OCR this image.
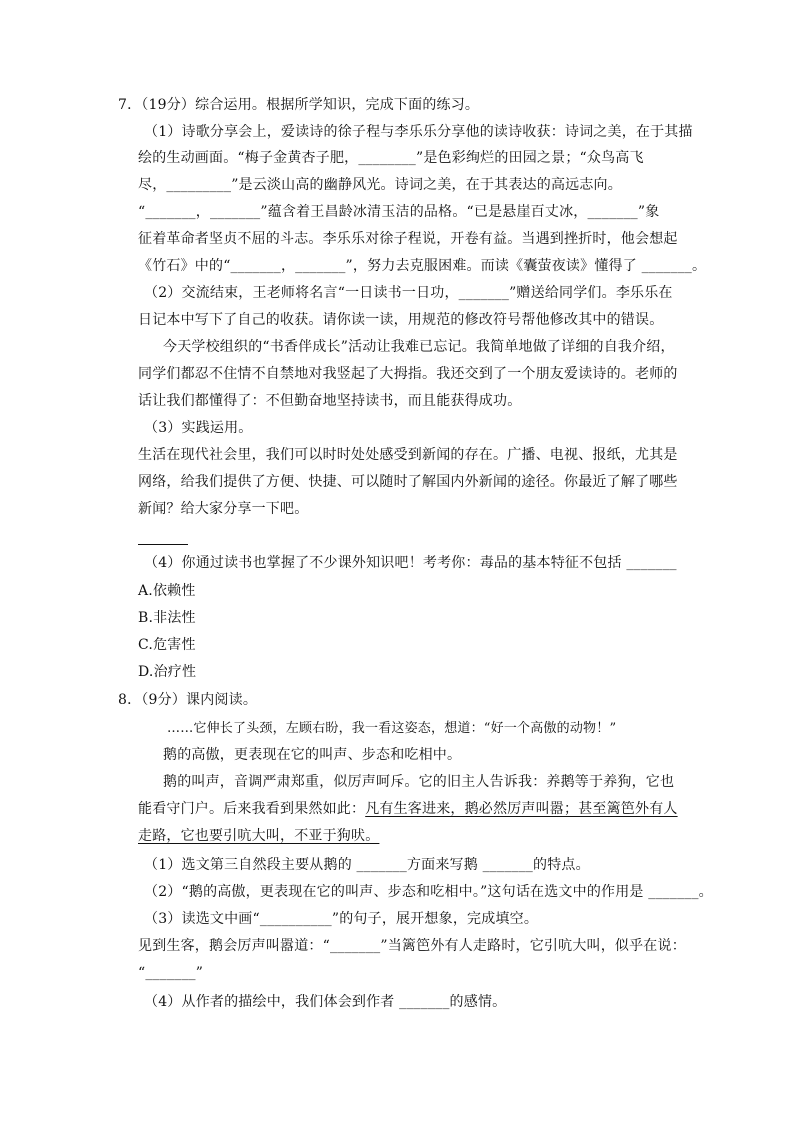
7．（19分）综合运用。根据所学知识，完成下面的练习。
（1）诗歌分享会上，爱读诗的徐子程与李乐乐分享他的读诗收获：诗词之美，在于其描
绘的生动画面。“梅子金黄杏子肥，________”是色彩绚烂的田园之景；“众鸟高飞
尽，_________”是云淡山高的幽静风光。诗词之美，在于其表达的高远志向。
“_______，_______”蕴含着王昌龄冰清玉洁的品格。“已是悬崖百丈冰，_______”象
征着革命者坚贞不屈的斗志。李乐乐对徐子程说，开卷有益。当遇到挫折时，他会想起
《竹石》中的“_______，_______”，努力去克服困难。而读《囊萤夜读》懂得了 _______。
（2）交流结束，王老师将名言“一日读书一日功，_______”赠送给同学们。李乐乐在
日记本中写下了自己的收获。请你读一读，用规范的修改符号帮他修改其中的错误。
今天学校组织的“书香伴成长”活动让我难已忘记。我简单地做了详细的自我介绍，
同学们都忍不住情不自禁地对我竖起了大拇指。我还交到了一个朋友爱读诗的。老师的
话让我们都懂得了：不但勤奋地坚持读书，而且能获得成功。
（3）实践运用。
生活在现代社会里，我们可以时时处处感受到新闻的存在。广播、电视、报纸，尤其是
网络，给我们提供了方便、快捷、可以随时了解国内外新闻的途径。你最近了解了哪些
新闻？给大家分享一下吧。
（4）你通过读书也掌握了不少课外知识吧！考考你：毒品的基本特征不包括 _______
A.依赖性
B.非法性
C.危害性
D.治疗性
8．（9分）课内阅读。
……它伸长了头颈，左顾右盼，我一看这姿态，想道：“好一个高傲的动物！”
鹅的高傲，更表现在它的叫声、步态和吃相中。
鹅的叫声，音调严肃郑重，似厉声呵斥。它的旧主人告诉我：养鹅等于养狗，它也
能看守门户。后来我看到果然如此：凡有生客进来，鹅必然厉声叫嚣；甚至篱笆外有人
走路，它也要引吭大叫，不亚于狗吠。
（1）选文第三自然段主要从鹅的 _______方面来写鹅 _______的特点。
（2）“鹅的高傲，更表现在它的叫声、步态和吃相中。”这句话在选文中的作用是 _______。
（3）读选文中画“__________”的句子，展开想象，完成填空。
见到生客，鹅会厉声叫嚣道：“_______”当篱笆外有人走路时，它引吭大叫，似乎在说：
“_______”
（4）从作者的描绘中，我们体会到作者 _______的感情。
